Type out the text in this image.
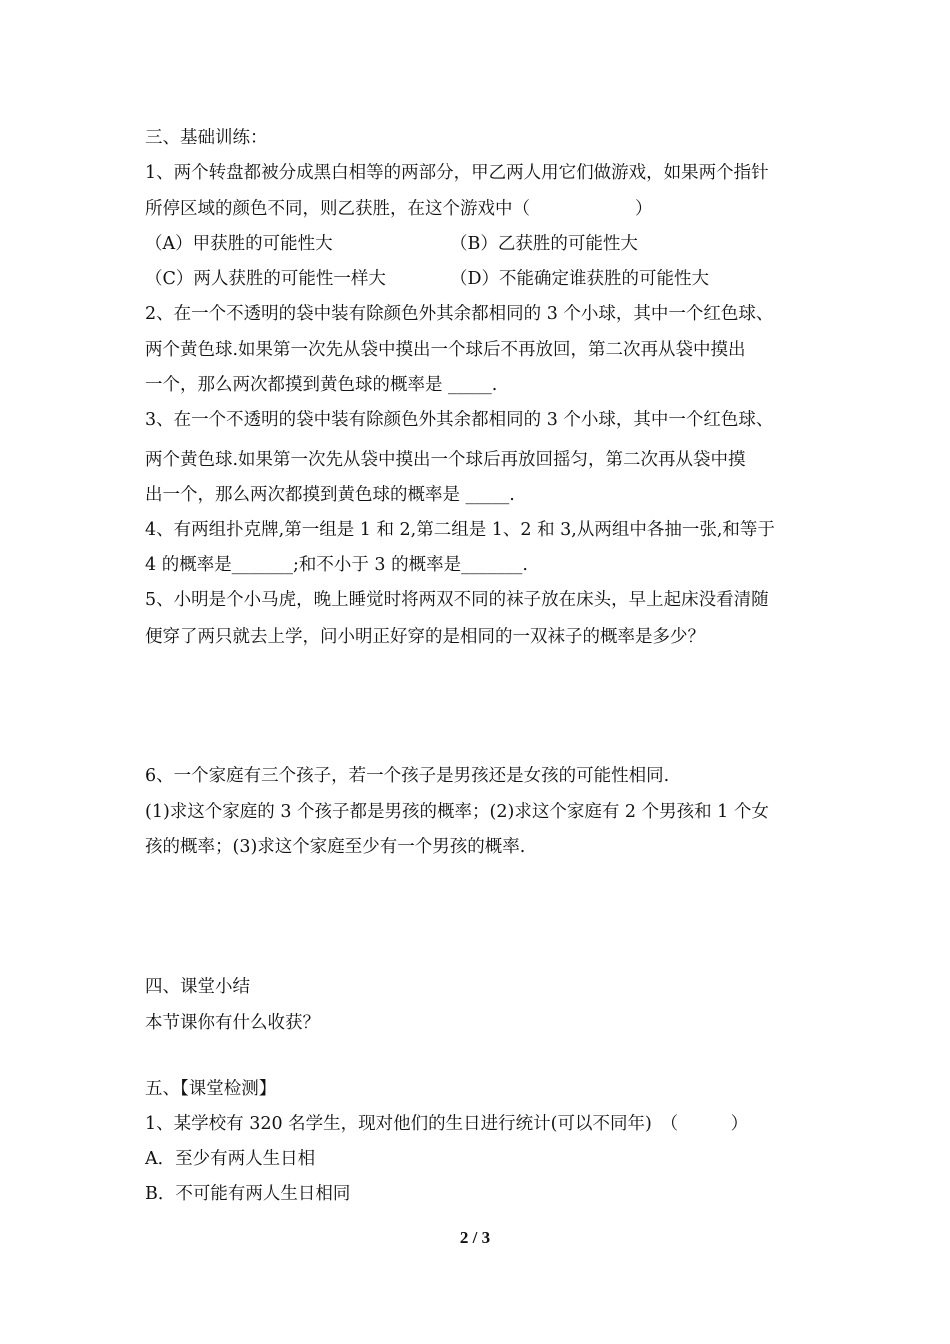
三、基础训练：
1、两个转盘都被分成黑白相等的两部分，甲乙两人用它们做游戏，如果两个指针
所停区域的颜色不同，则乙获胜，在这个游戏中（　　　　　　）
（A）甲获胜的可能性大	（B）乙获胜的可能性大
（C）两人获胜的可能性一样大	（D）不能确定谁获胜的可能性大
2、在一个不透明的袋中装有除颜色外其余都相同的 3 个小球，其中一个红色球、
两个黄色球.如果第一次先从袋中摸出一个球后不再放回，第二次再从袋中摸出
一个，那么两次都摸到黄色球的概率是 _____.
3、在一个不透明的袋中装有除颜色外其余都相同的 3 个小球，其中一个红色球、
两个黄色球.如果第一次先从袋中摸出一个球后再放回摇匀，第二次再从袋中摸
出一个，那么两次都摸到黄色球的概率是 _____.
4、有两组扑克牌,第一组是 1 和 2,第二组是 1、2 和 3,从两组中各抽一张,和等于
4 的概率是_______;和不小于 3 的概率是_______.
5、小明是个小马虎，晚上睡觉时将两双不同的袜子放在床头，早上起床没看清随
便穿了两只就去上学，问小明正好穿的是相同的一双袜子的概率是多少？
6、一个家庭有三个孩子，若一个孩子是男孩还是女孩的可能性相同.
(1)求这个家庭的 3 个孩子都是男孩的概率；(2)求这个家庭有 2 个男孩和 1 个女
孩的概率；(3)求这个家庭至少有一个男孩的概率.
四、课堂小结
本节课你有什么收获？
五、【课堂检测】
1、某学校有 320 名学生，现对他们的生日进行统计(可以不同年)　（　　　）
A．至少有两人生日相
B．不可能有两人生日相同
2 / 3
